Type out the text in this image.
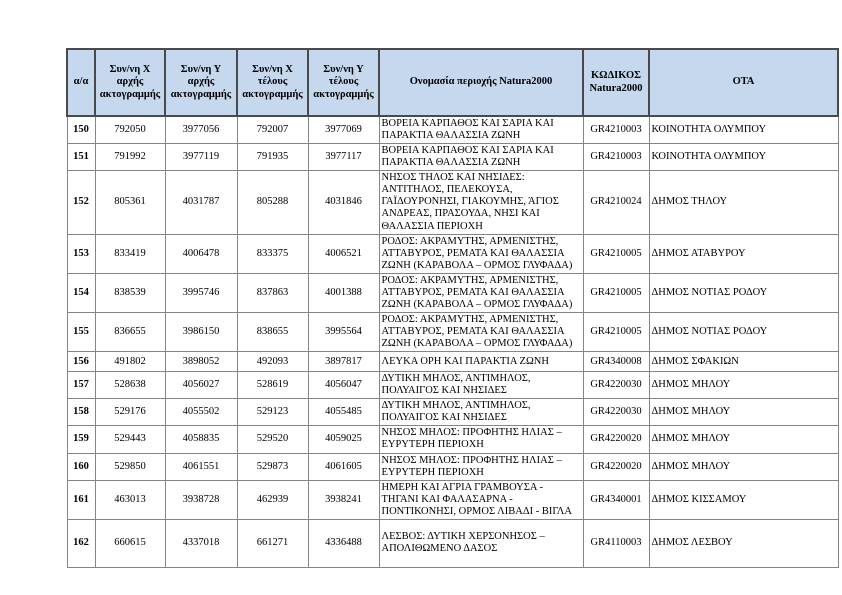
α/α	Συν/νη Χ αρχής ακτογραμμής	Συν/νη Υ αρχής ακτογραμμής	Συν/νη Χ τέλους ακτογραμμής	Συν/νη Υ τέλους ακτογραμμής	Ονομασία περιοχής Natura2000	ΚΩΔΙΚΟΣ Natura2000	ΟΤΑ
150	792050	3977056	792007	3977069	ΒΟΡΕΙΑ ΚΑΡΠΑΘΟΣ ΚΑΙ ΣΑΡΙΑ ΚΑΙ ΠΑΡΑΚΤΙΑ ΘΑΛΑΣΣΙΑ ΖΩΝΗ	GR4210003	ΚΟΙΝΟΤΗΤΑ ΟΛΥΜΠΟΥ
151	791992	3977119	791935	3977117	ΒΟΡΕΙΑ ΚΑΡΠΑΘΟΣ ΚΑΙ ΣΑΡΙΑ ΚΑΙ ΠΑΡΑΚΤΙΑ ΘΑΛΑΣΣΙΑ ΖΩΝΗ	GR4210003	ΚΟΙΝΟΤΗΤΑ ΟΛΥΜΠΟΥ
152	805361	4031787	805288	4031846	ΝΗΣΟΣ ΤΗΛΟΣ ΚΑΙ ΝΗΣΙΔΕΣ: ΑΝΤΙΤΗΛΟΣ, ΠΕΛΕΚΟΥΣΑ, ΓΑΪΔΟΥΡΟΝΗΣΙ, ΓΙΑΚΟΥΜΗΣ, ΆΓΙΟΣ ΑΝΔΡΕΑΣ, ΠΡΑΣΟΥΔΑ, ΝΗΣΙ ΚΑΙ ΘΑΛΑΣΣΙΑ ΠΕΡΙΟΧΗ	GR4210024	ΔΗΜΟΣ ΤΗΛΟΥ
153	833419	4006478	833375	4006521	ΡΟΔΟΣ: ΑΚΡΑΜΥΤΗΣ, ΑΡΜΕΝΙΣΤΗΣ, ΑΤΤΑΒΥΡΟΣ, ΡΕΜΑΤΑ ΚΑΙ ΘΑΛΑΣΣΙΑ ΖΩΝΗ (ΚΑΡΑΒΟΛΑ – ΟΡΜΟΣ ΓΛΥΦΑΔΑ)	GR4210005	ΔΗΜΟΣ ΑΤΑΒΥΡΟΥ
154	838539	3995746	837863	4001388	ΡΟΔΟΣ: ΑΚΡΑΜΥΤΗΣ, ΑΡΜΕΝΙΣΤΗΣ, ΑΤΤΑΒΥΡΟΣ, ΡΕΜΑΤΑ ΚΑΙ ΘΑΛΑΣΣΙΑ ΖΩΝΗ (ΚΑΡΑΒΟΛΑ – ΟΡΜΟΣ ΓΛΥΦΑΔΑ)	GR4210005	ΔΗΜΟΣ ΝΟΤΙΑΣ ΡΟΔΟΥ
155	836655	3986150	838655	3995564	ΡΟΔΟΣ: ΑΚΡΑΜΥΤΗΣ, ΑΡΜΕΝΙΣΤΗΣ, ΑΤΤΑΒΥΡΟΣ, ΡΕΜΑΤΑ ΚΑΙ ΘΑΛΑΣΣΙΑ ΖΩΝΗ (ΚΑΡΑΒΟΛΑ – ΟΡΜΟΣ ΓΛΥΦΑΔΑ)	GR4210005	ΔΗΜΟΣ ΝΟΤΙΑΣ ΡΟΔΟΥ
156	491802	3898052	492093	3897817	ΛΕΥΚΑ ΟΡΗ ΚΑΙ ΠΑΡΑΚΤΙΑ ΖΩΝΗ	GR4340008	ΔΗΜΟΣ ΣΦΑΚΙΩΝ
157	528638	4056027	528619	4056047	ΔΥΤΙΚΗ ΜΗΛΟΣ, ΑΝΤΙΜΗΛΟΣ, ΠΟΛΥΑΙΓΟΣ ΚΑΙ ΝΗΣΙΔΕΣ	GR4220030	ΔΗΜΟΣ ΜΗΛΟΥ
158	529176	4055502	529123	4055485	ΔΥΤΙΚΗ ΜΗΛΟΣ, ΑΝΤΙΜΗΛΟΣ, ΠΟΛΥΑΙΓΟΣ ΚΑΙ ΝΗΣΙΔΕΣ	GR4220030	ΔΗΜΟΣ ΜΗΛΟΥ
159	529443	4058835	529520	4059025	ΝΗΣΟΣ ΜΗΛΟΣ: ΠΡΟΦΗΤΗΣ ΗΛΙΑΣ – ΕΥΡΥΤΕΡΗ ΠΕΡΙΟΧΗ	GR4220020	ΔΗΜΟΣ ΜΗΛΟΥ
160	529850	4061551	529873	4061605	ΝΗΣΟΣ ΜΗΛΟΣ: ΠΡΟΦΗΤΗΣ ΗΛΙΑΣ – ΕΥΡΥΤΕΡΗ ΠΕΡΙΟΧΗ	GR4220020	ΔΗΜΟΣ ΜΗΛΟΥ
161	463013	3938728	462939	3938241	ΗΜΕΡΗ ΚΑΙ ΑΓΡΙΑ ΓΡΑΜΒΟΥΣΑ - ΤΗΓΑΝΙ ΚΑΙ ΦΑΛΑΣΑΡΝΑ - ΠΟΝΤΙΚΟΝΗΣΙ, ΟΡΜΟΣ ΛΙΒΑΔΙ - ΒΙΓΛΑ	GR4340001	ΔΗΜΟΣ ΚΙΣΣΑΜΟΥ
162	660615	4337018	661271	4336488	ΛΕΣΒΟΣ: ΔΥΤΙΚΗ ΧΕΡΣΟΝΗΣΟΣ – ΑΠΟΛΙΘΩΜΕΝΟ ΔΑΣΟΣ	GR4110003	ΔΗΜΟΣ ΛΕΣΒΟΥ
